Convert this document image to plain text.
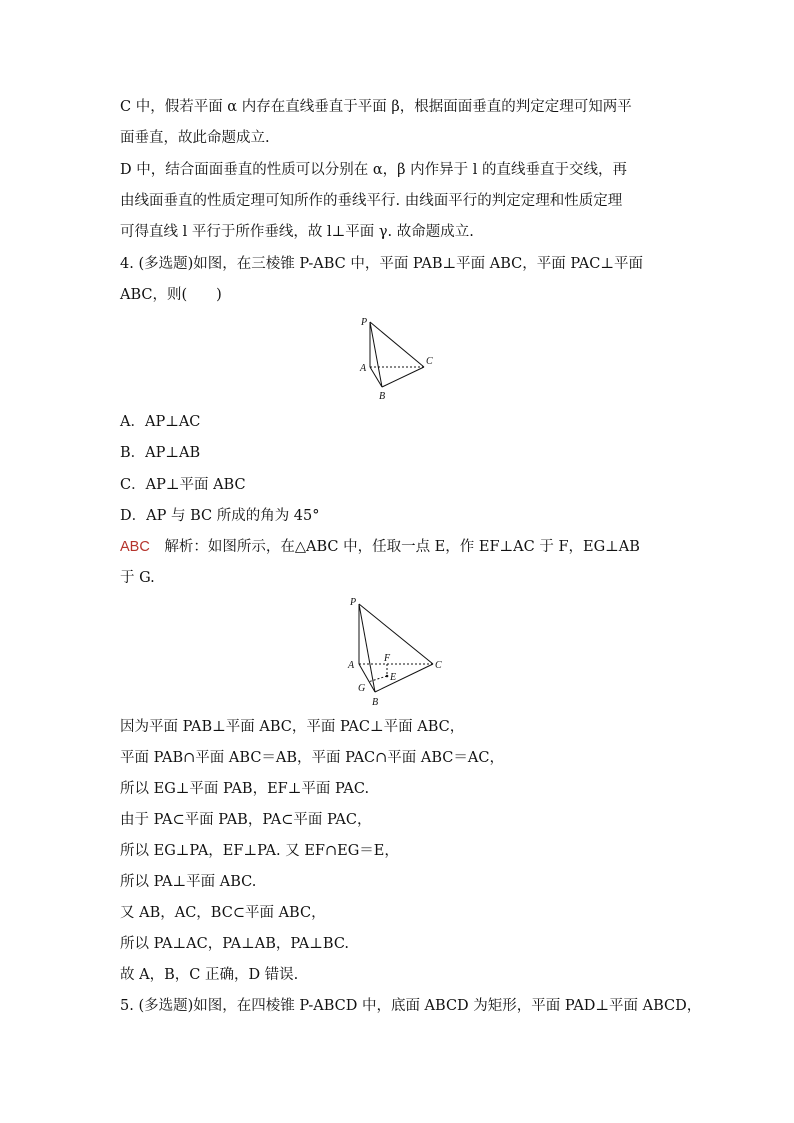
C 中，假若平面 α 内存在直线垂直于平面 β，根据面面垂直的判定定理可知两平
面垂直，故此命题成立.
D 中，结合面面垂直的性质可以分别在 α，β 内作异于 l 的直线垂直于交线，再
由线面垂直的性质定理可知所作的垂线平行. 由线面平行的判定定理和性质定理
可得直线 l 平行于所作垂线，故 l⊥平面 γ. 故命题成立.
4. (多选题)如图，在三棱锥 P-ABC 中，平面 PAB⊥平面 ABC，平面 PAC⊥平面
ABC，则(　　)
P
A
B
C
A．AP⊥AC
B．AP⊥AB
C．AP⊥平面 ABC
D．AP 与 BC 所成的角为 45°
ABC　解析：如图所示，在△ABC 中，任取一点 E，作 EF⊥AC 于 F，EG⊥AB
于 G.
P
A
B
C
F
E
G
因为平面 PAB⊥平面 ABC，平面 PAC⊥平面 ABC，
平面 PAB∩平面 ABC＝AB，平面 PAC∩平面 ABC＝AC，
所以 EG⊥平面 PAB，EF⊥平面 PAC.
由于 PA⊂平面 PAB，PA⊂平面 PAC，
所以 EG⊥PA，EF⊥PA. 又 EF∩EG＝E，
所以 PA⊥平面 ABC.
又 AB，AC，BC⊂平面 ABC，
所以 PA⊥AC，PA⊥AB，PA⊥BC.
故 A，B，C 正确，D 错误.
5. (多选题)如图，在四棱锥 P-ABCD 中，底面 ABCD 为矩形，平面 PAD⊥平面 ABCD，
